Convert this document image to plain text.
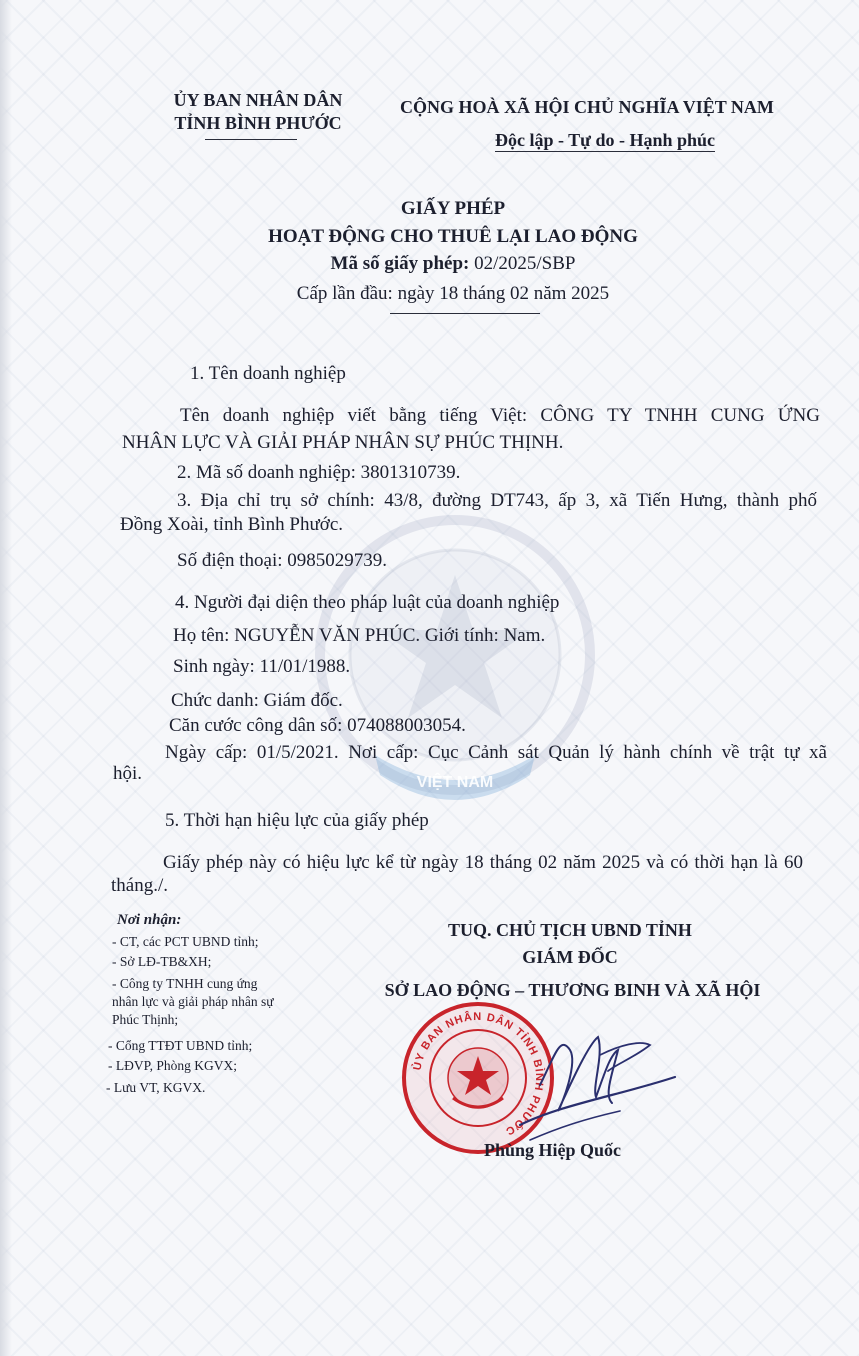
VIỆT NAM
ỦY BAN NHÂN DÂN
TỈNH BÌNH PHƯỚC
CỘNG HOÀ XÃ HỘI CHỦ NGHĨA VIỆT NAM
Độc lập - Tự do - Hạnh phúc
GIẤY PHÉP
HOẠT ĐỘNG CHO THUÊ LẠI LAO ĐỘNG
Mã số giấy phép: 02/2025/SBP
Cấp lần đầu: ngày 18 tháng 02 năm 2025
1. Tên doanh nghiệp
Tên doanh nghiệp viết bằng tiếng Việt: CÔNG TY TNHH CUNG ỨNG
NHÂN LỰC VÀ GIẢI PHÁP NHÂN SỰ PHÚC THỊNH.
2. Mã số doanh nghiệp: 3801310739.
3. Địa chỉ trụ sở chính: 43/8, đường DT743, ấp 3, xã Tiến Hưng, thành phố
Đồng Xoài, tỉnh Bình Phước.
Số điện thoại: 0985029739.
4. Người đại diện theo pháp luật của doanh nghiệp
Họ tên: NGUYỄN VĂN PHÚC. Giới tính: Nam.
Sinh ngày: 11/01/1988.
Chức danh: Giám đốc.
Căn cước công dân số: 074088003054.
Ngày cấp: 01/5/2021. Nơi cấp: Cục Cảnh sát Quản lý hành chính về trật tự xã
hội.
5. Thời hạn hiệu lực của giấy phép
Giấy phép này có hiệu lực kể từ ngày 18 tháng 02 năm 2025 và có thời hạn là 60
tháng./.
Nơi nhận:
- CT, các PCT UBND tỉnh;
- Sở LĐ-TB&XH;
- Công ty TNHH cung ứng
nhân lực và giải pháp nhân sự
Phúc Thịnh;
- Cổng TTĐT UBND tỉnh;
- LĐVP, Phòng KGVX;
- Lưu VT, KGVX.
TUQ. CHỦ TỊCH UBND TỈNH
GIÁM ĐỐC
SỞ LAO ĐỘNG – THƯƠNG BINH VÀ XÃ HỘI
ỦY BAN NHÂN DÂN TỈNH BÌNH PHƯỚC
Phùng Hiệp Quốc
